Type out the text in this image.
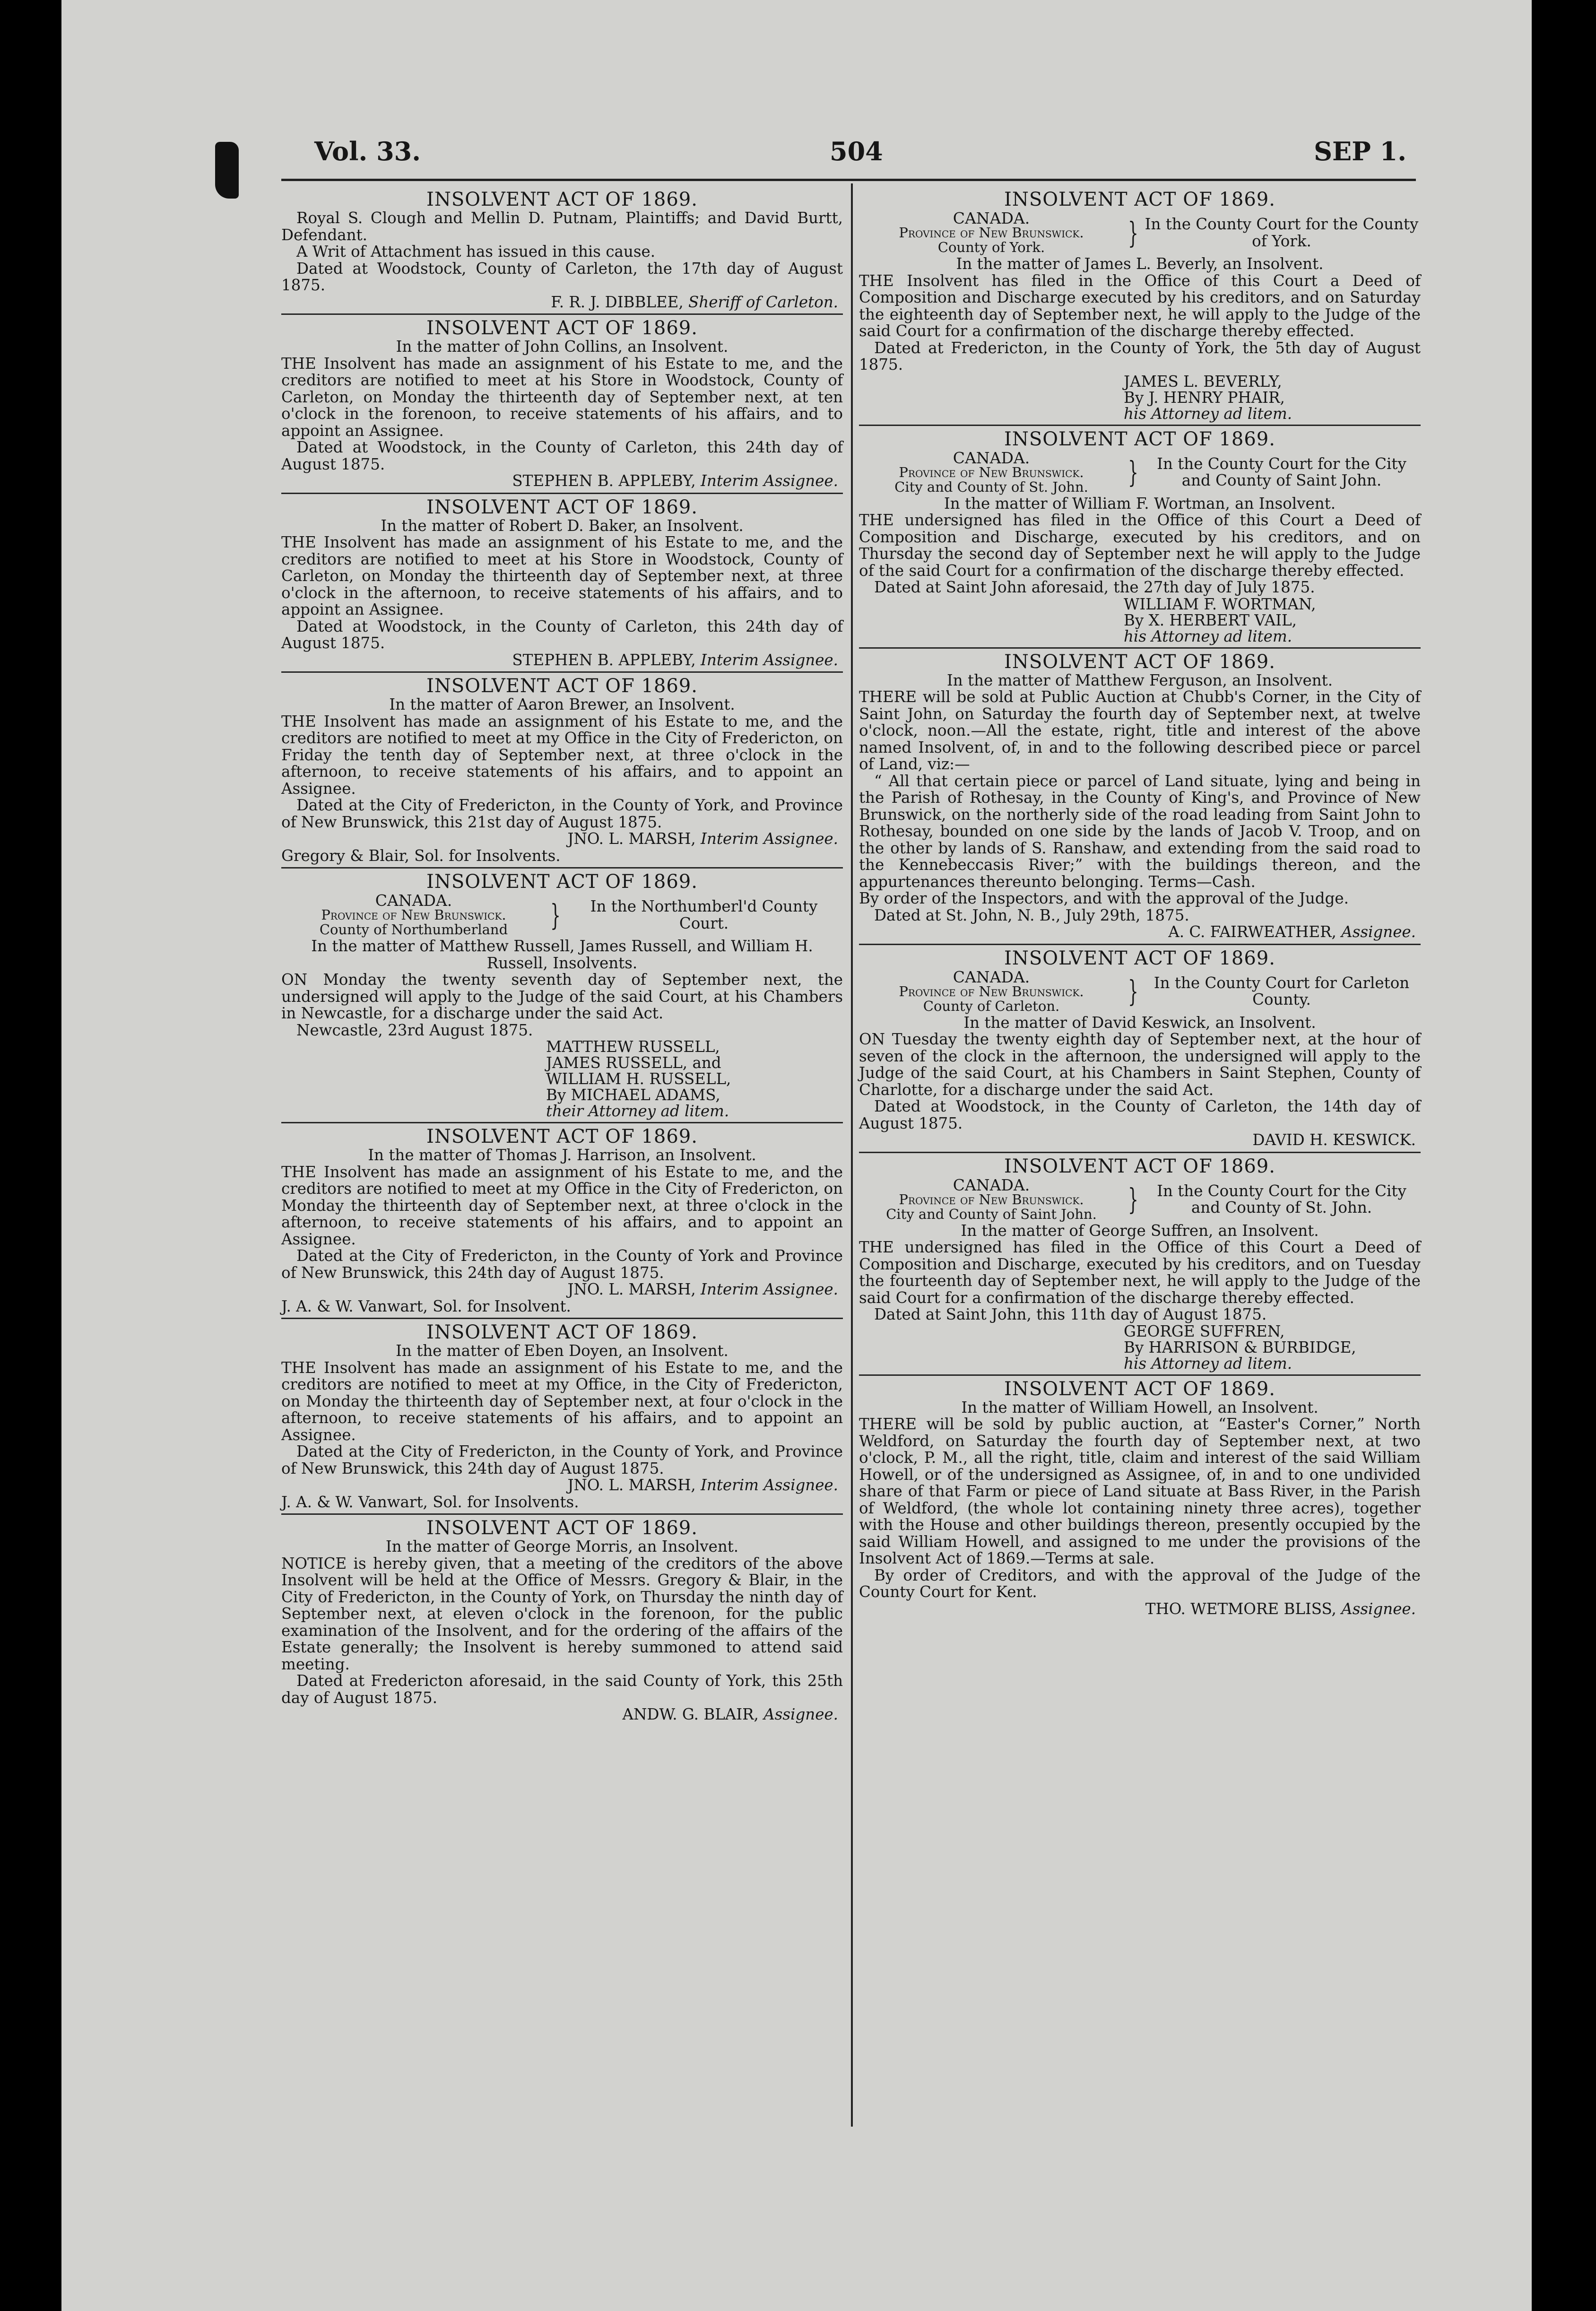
Vol. 33.	504	SEP 1.
INSOLVENT ACT OF 1869.

Royal S. Clough and Mellin D. Putnam, Plaintiffs; and David Burtt, Defendant.

A Writ of Attachment has issued in this cause.

Dated at Woodstock, County of Carleton, the 17th day of August 1875.

F. R. J. DIBBLEE, Sheriff of Carleton.
INSOLVENT ACT OF 1869.
In the matter of John Collins, an Insolvent.

THE Insolvent has made an assignment of his Estate to me, and the creditors are notified to meet at his Store in Woodstock, County of Carleton, on Monday the thirteenth day of September next, at ten o'clock in the forenoon, to receive statements of his affairs, and to appoint an Assignee.

Dated at Woodstock, in the County of Carleton, this 24th day of August 1875.

STEPHEN B. APPLEBY, Interim Assignee.
INSOLVENT ACT OF 1869.
In the matter of Robert D. Baker, an Insolvent.

THE Insolvent has made an assignment of his Estate to me, and the creditors are notified to meet at his Store in Woodstock, County of Carleton, on Monday the thirteenth day of September next, at three o'clock in the afternoon, to receive statements of his affairs, and to appoint an Assignee.

Dated at Woodstock, in the County of Carleton, this 24th day of August 1875.

STEPHEN B. APPLEBY, Interim Assignee.
INSOLVENT ACT OF 1869.
In the matter of Aaron Brewer, an Insolvent.

THE Insolvent has made an assignment of his Estate to me, and the creditors are notified to meet at my Office in the City of Fredericton, on Friday the tenth day of September next, at three o'clock in the afternoon, to receive statements of his affairs, and to appoint an Assignee.

Dated at the City of Fredericton, in the County of York, and Province of New Brunswick, this 21st day of August 1875.

JNO. L. MARSH, Interim Assignee.

Gregory & Blair, Sol. for Insolvents.

INSOLVENT ACT OF 1869.
CANADA.
Province of New Brunswick.
County of Northumberland	}	In the Northumberl'd County Court.
In the matter of Matthew Russell, James Russell, and William H. Russell, Insolvents.

ON Monday the twenty seventh day of September next, the undersigned will apply to the Judge of the said Court, at his Chambers in Newcastle, for a discharge under the said Act.

Newcastle, 23rd August 1875.

MATTHEW RUSSELL,
JAMES RUSSELL, and
WILLIAM H. RUSSELL,
By MICHAEL ADAMS,
their Attorney ad litem.
INSOLVENT ACT OF 1869.
In the matter of Thomas J. Harrison, an Insolvent.

THE Insolvent has made an assignment of his Estate to me, and the creditors are notified to meet at my Office in the City of Fredericton, on Monday the thirteenth day of September next, at three o'clock in the afternoon, to receive statements of his affairs, and to appoint an Assignee.

Dated at the City of Fredericton, in the County of York and Province of New Brunswick, this 24th day of August 1875.

JNO. L. MARSH, Interim Assignee.

J. A. & W. Vanwart, Sol. for Insolvent.

INSOLVENT ACT OF 1869.
In the matter of Eben Doyen, an Insolvent.

THE Insolvent has made an assignment of his Estate to me, and the creditors are notified to meet at my Office, in the City of Fredericton, on Monday the thirteenth day of September next, at four o'clock in the afternoon, to receive statements of his affairs, and to appoint an Assignee.

Dated at the City of Fredericton, in the County of York, and Province of New Brunswick, this 24th day of August 1875.

JNO. L. MARSH, Interim Assignee.

J. A. & W. Vanwart, Sol. for Insolvents.

INSOLVENT ACT OF 1869.
In the matter of George Morris, an Insolvent.

NOTICE is hereby given, that a meeting of the creditors of the above Insolvent will be held at the Office of Messrs. Gregory & Blair, in the City of Fredericton, in the County of York, on Thursday the ninth day of September next, at eleven o'clock in the forenoon, for the public examination of the Insolvent, and for the ordering of the affairs of the Estate generally; the Insolvent is hereby summoned to attend said meeting.

Dated at Fredericton aforesaid, in the said County of York, this 25th day of August 1875.

ANDW. G. BLAIR, Assignee.
INSOLVENT ACT OF 1869.
CANADA.
Province of New Brunswick.
County of York.	} In the County Court for the County of York.
In the matter of James L. Beverly, an Insolvent.

THE Insolvent has filed in the Office of this Court a Deed of Composition and Discharge executed by his creditors, and on Saturday the eighteenth day of September next, he will apply to the Judge of the said Court for a confirmation of the discharge thereby effected.

Dated at Fredericton, in the County of York, the 5th day of August 1875.

JAMES L. BEVERLY,
By J. HENRY PHAIR,
his Attorney ad litem.
INSOLVENT ACT OF 1869.
CANADA.
Province of New Brunswick.
City and County of St. John.	}	In the County Court for the City and County of Saint John.
In the matter of William F. Wortman, an Insolvent.

THE undersigned has filed in the Office of this Court a Deed of Composition and Discharge, executed by his creditors, and on Thursday the second day of September next he will apply to the Judge of the said Court for a confirmation of the discharge thereby effected.

Dated at Saint John aforesaid, the 27th day of July 1875.

WILLIAM F. WORTMAN,
By X. HERBERT VAIL,
his Attorney ad litem.
INSOLVENT ACT OF 1869.
In the matter of Matthew Ferguson, an Insolvent.

THERE will be sold at Public Auction at Chubb's Corner, in the City of Saint John, on Saturday the fourth day of September next, at twelve o'clock, noon.—All the estate, right, title and interest of the above named Insolvent, of, in and to the following described piece or parcel of Land, viz:—

“ All that certain piece or parcel of Land situate, lying and being in the Parish of Rothesay, in the County of King's, and Province of New Brunswick, on the northerly side of the road leading from Saint John to Rothesay, bounded on one side by the lands of Jacob V. Troop, and on the other by lands of S. Ranshaw, and extending from the said road to the Kennebeccasis River;” with the buildings thereon, and the appurtenances thereunto belonging. Terms—Cash.

By order of the Inspectors, and with the approval of the Judge.

Dated at St. John, N. B., July 29th, 1875.

A. C. FAIRWEATHER, Assignee.
INSOLVENT ACT OF 1869.
CANADA.
Province of New Brunswick.
County of Carleton.	}	In the County Court for Carleton County.
In the matter of David Keswick, an Insolvent.

ON Tuesday the twenty eighth day of September next, at the hour of seven of the clock in the afternoon, the undersigned will apply to the Judge of the said Court, at his Chambers in Saint Stephen, County of Charlotte, for a discharge under the said Act.

Dated at Woodstock, in the County of Carleton, the 14th day of August 1875.

DAVID H. KESWICK.
INSOLVENT ACT OF 1869.
CANADA.
Province of New Brunswick.
City and County of Saint John.	}	In the County Court for the City and County of St. John.
In the matter of George Suffren, an Insolvent.

THE undersigned has filed in the Office of this Court a Deed of Composition and Discharge, executed by his creditors, and on Tuesday the fourteenth day of September next, he will apply to the Judge of the said Court for a confirmation of the discharge thereby effected.

Dated at Saint John, this 11th day of August 1875.

GEORGE SUFFREN,
By HARRISON & BURBIDGE,
his Attorney ad litem.
INSOLVENT ACT OF 1869.
In the matter of William Howell, an Insolvent.

THERE will be sold by public auction, at “Easter's Corner,” North Weldford, on Saturday the fourth day of September next, at two o'clock, P. M., all the right, title, claim and interest of the said William Howell, or of the undersigned as Assignee, of, in and to one undivided share of that Farm or piece of Land situate at Bass River, in the Parish of Weldford, (the whole lot containing ninety three acres), together with the House and other buildings thereon, presently occupied by the said William Howell, and assigned to me under the provisions of the Insolvent Act of 1869.—Terms at sale.

By order of Creditors, and with the approval of the Judge of the County Court for Kent.

THO. WETMORE BLISS, Assignee.
